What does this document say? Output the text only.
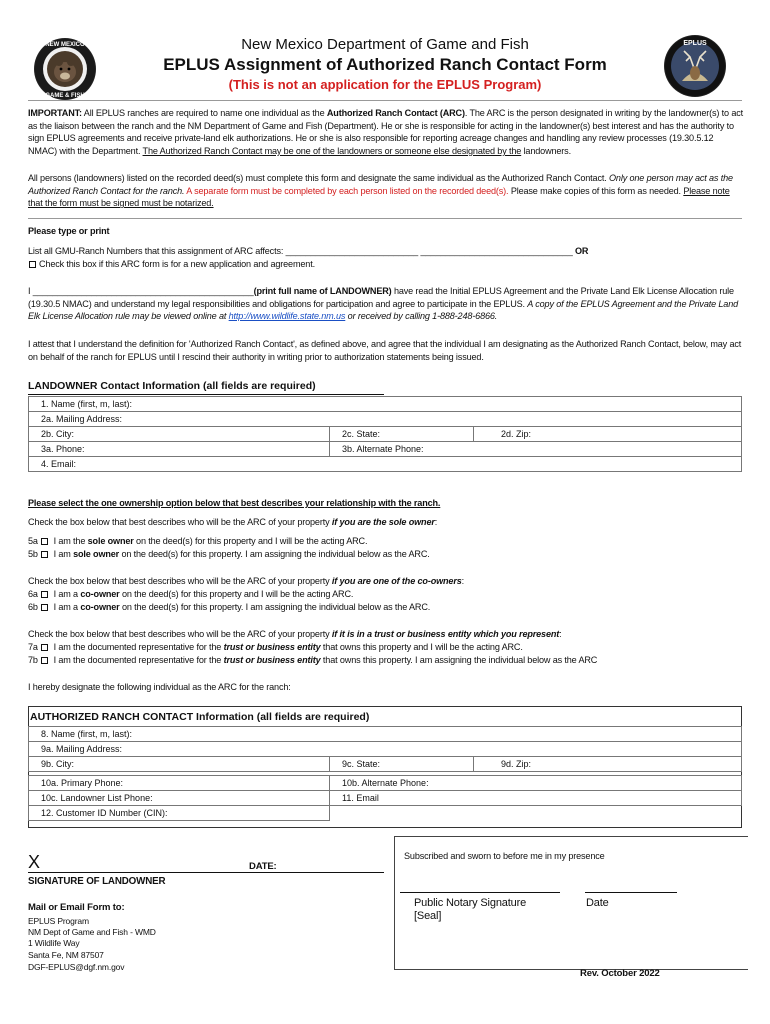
NEW MEXICO
GAME & FISH
EPLUS
New Mexico Department of Game and Fish
EPLUS Assignment of Authorized Ranch Contact Form
(This is not an application for the EPLUS Program)
IMPORTANT: All EPLUS ranches are required to name one individual as the Authorized Ranch Contact (ARC). The ARC is the person designated in writing by the landowner(s) to act as the liaison between the ranch and the NM Department of Game and Fish (Department). He or she is responsible for acting in the landowner(s) best interest and has the authority to sign EPLUS agreements and receive private-land elk authorizations. He or she is also responsible for reporting acreage changes and handling any review processes (19.30.5.12 NMAC) with the Department. The Authorized Ranch Contact may be one of the landowners or someone else designated by the landowners.
All persons (landowners) listed on the recorded deed(s) must complete this form and designate the same individual as the Authorized Ranch Contact. Only one person may act as the Authorized Ranch Contact for the ranch. A separate form must be completed by each person listed on the recorded deed(s). Please make copies of this form as needed. Please note that the form must be signed must be notarized.
Please type or print
List all GMU-Ranch Numbers that this assignment of ARC affects: ___________________________ _______________________________ OR
Check this box if this ARC form is for a new application and agreement.
I _____________________________________________(print full name of LANDOWNER) have read the Initial EPLUS Agreement and the Private Land Elk License Allocation rule (19.30.5 NMAC) and understand my legal responsibilities and obligations for participation and agree to participate in the EPLUS. A copy of the EPLUS Agreement and the Private Land Elk License Allocation rule may be viewed online at http://www.wildlife.state.nm.us or received by calling 1-888-248-6866.
I attest that I understand the definition for 'Authorized Ranch Contact', as defined above, and agree that the individual I am designating as the Authorized Ranch Contact, below, may act on behalf of the ranch for EPLUS until I rescind their authority in writing prior to authorization statements being issued.
LANDOWNER Contact Information (all fields are required)
1. Name (first, m, last):		
2a. Mailing Address:		
2b. City:	2c. State:	2d. Zip:
3a. Phone:	3b. Alternate Phone:	
4. Email:		
Please select the one ownership option below that best describes your relationship with the ranch.
Check the box below that best describes who will be the ARC of your property if you are the sole owner:
5a  I am the sole owner on the deed(s) for this property and I will be the acting ARC.
5b  I am sole owner on the deed(s) for this property. I am assigning the individual below as the ARC.
Check the box below that best describes who will be the ARC of your property if you are one of the co-owners:
6a  I am a co-owner on the deed(s) for this property and I will be the acting ARC.
6b  I am a co-owner on the deed(s) for this property. I am assigning the individual below as the ARC.
Check the box below that best describes who will be the ARC of your property if it is in a trust or business entity which you represent:
7a  I am the documented representative for the trust or business entity that owns this property and I will be the acting ARC.
7b  I am the documented representative for the trust or business entity that owns this property. I am assigning the individual below as the ARC
I hereby designate the following individual as the ARC for the ranch:
AUTHORIZED RANCH CONTACT Information (all fields are required)
8. Name (first, m, last):		
9a. Mailing Address:		
9b. City:	9c. State:	9d. Zip:

10a. Primary Phone:	10b. Alternate Phone:	
10c. Landowner List Phone:	11. Email	
12. Customer ID Number (CIN):		
X	DATE:
SIGNATURE OF LANDOWNER
Subscribed and sworn to before me in my presence
Public Notary Signature
[Seal]
Date
Mail or Email Form to:
EPLUS Program
NM Dept of Game and Fish - WMD
1 Wildlife Way
Santa Fe, NM 87507
DGF-EPLUS@dgf.nm.gov
Rev. October 2022
